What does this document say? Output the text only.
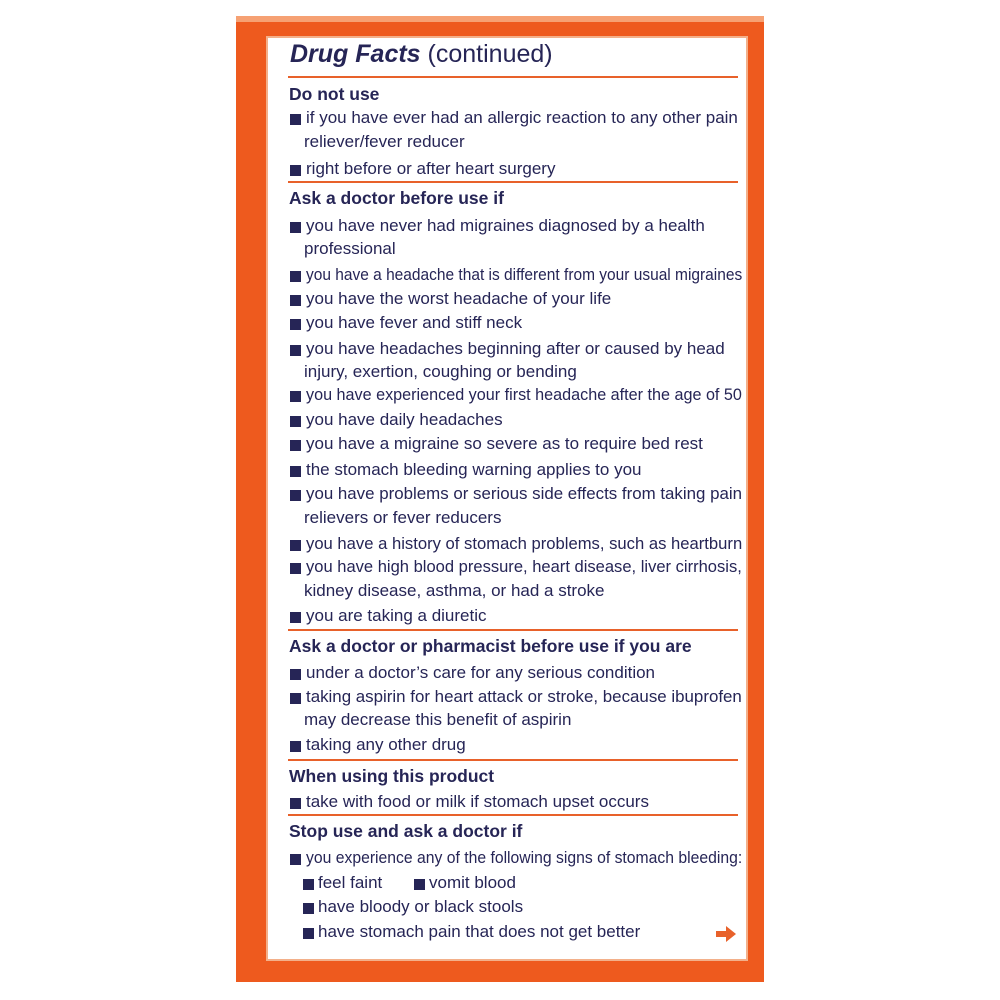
Drug Facts (continued)
Do not use
if you have ever had an allergic reaction to any other pain
reliever/fever reducer
right before or after heart surgery
Ask a doctor before use if
you have never had migraines diagnosed by a health
professional
you have a headache that is different from your usual migraines
you have the worst headache of your life
you have fever and stiff neck
you have headaches beginning after or caused by head
injury, exertion, coughing or bending
you have experienced your first headache after the age of 50
you have daily headaches
you have a migraine so severe as to require bed rest
the stomach bleeding warning applies to you
you have problems or serious side effects from taking pain
relievers or fever reducers
you have a history of stomach problems, such as heartburn
you have high blood pressure, heart disease, liver cirrhosis,
kidney disease, asthma, or had a stroke
you are taking a diuretic
Ask a doctor or pharmacist before use if you are
under a doctor’s care for any serious condition
taking aspirin for heart attack or stroke, because ibuprofen
may decrease this benefit of aspirin
taking any other drug
When using this product
take with food or milk if stomach upset occurs
Stop use and ask a doctor if
you experience any of the following signs of stomach bleeding:
feel faint	vomit blood
have bloody or black stools
have stomach pain that does not get better
